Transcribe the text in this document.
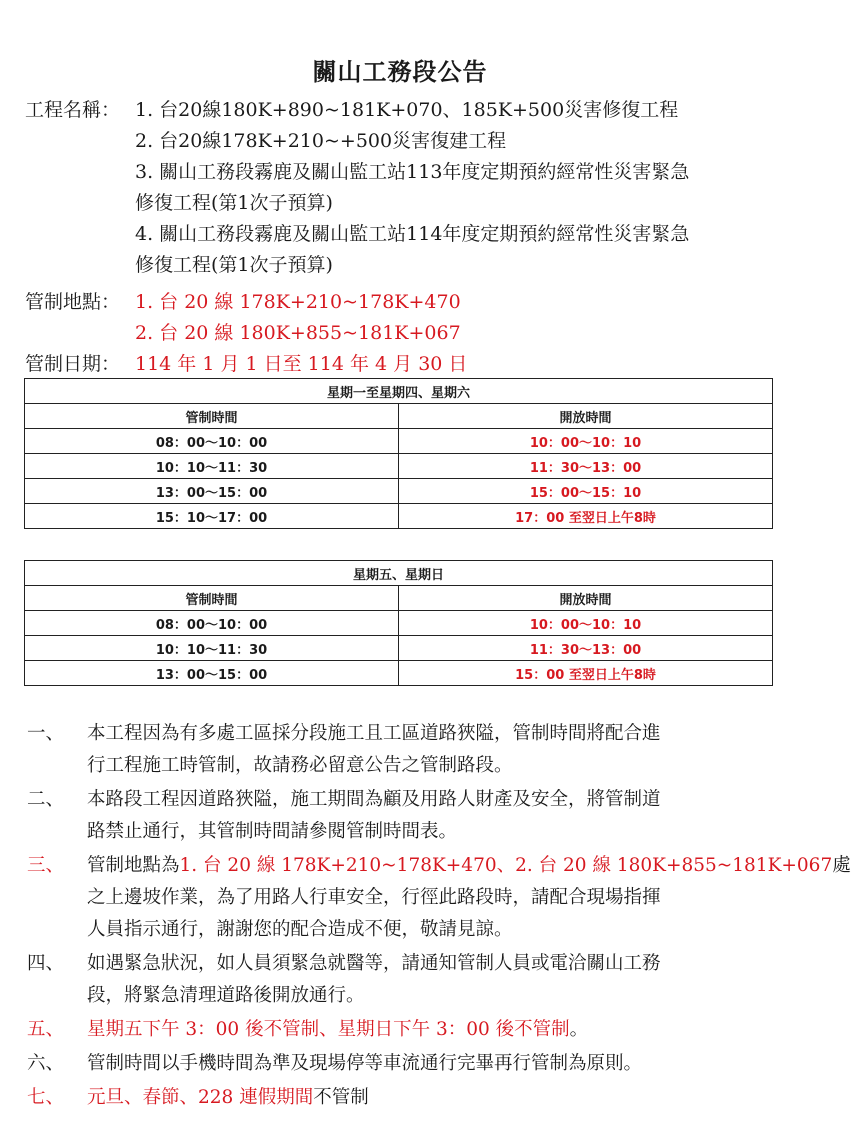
關山工務段公告
工程名稱： 1. 台20線180K+890~181K+070、185K+500災害修復工程
2. 台20線178K+210~+500災害復建工程
3. 關山工務段霧鹿及關山監工站113年度定期預約經常性災害緊急
修復工程(第1次子預算)
4. 關山工務段霧鹿及關山監工站114年度定期預約經常性災害緊急
修復工程(第1次子預算)
管制地點： 1. 台 20 線 178K+210~178K+470
2. 台 20 線 180K+855~181K+067
管制日期： 114 年 1 月 1 日至 114 年 4 月 30 日
星期一至星期四、星期六	
管制時間	開放時間
08：00～10：00	10：00～10：10
10：10～11：30	11：30～13：00
13：00～15：00	15：00～15：10
15：10～17：00	17：00 至翌日上午8時
星期五、星期日	
管制時間	開放時間
08：00～10：00	10：00～10：10
10：10～11：30	11：30～13：00
13：00～15：00	15：00 至翌日上午8時
一、	本工程因為有多處工區採分段施工且工區道路狹隘，管制時間將配合進
行工程施工時管制，故請務必留意公告之管制路段。
二、	本路段工程因道路狹隘，施工期間為顧及用路人財產及安全，將管制道
路禁止通行，其管制時間請參閱管制時間表。
三、	管制地點為1. 台 20 線 178K+210~178K+470、2. 台 20 線 180K+855~181K+067處
之上邊坡作業，為了用路人行車安全，行徑此路段時，請配合現場指揮
人員指示通行，謝謝您的配合造成不便，敬請見諒。
四、	如遇緊急狀況，如人員須緊急就醫等，請通知管制人員或電洽關山工務
段，將緊急清理道路後開放通行。
五、	星期五下午 3：00 後不管制、星期日下午 3：00 後不管制。
六、	管制時間以手機時間為準及現場停等車流通行完畢再行管制為原則。
七、	元旦、春節、228 連假期間不管制
